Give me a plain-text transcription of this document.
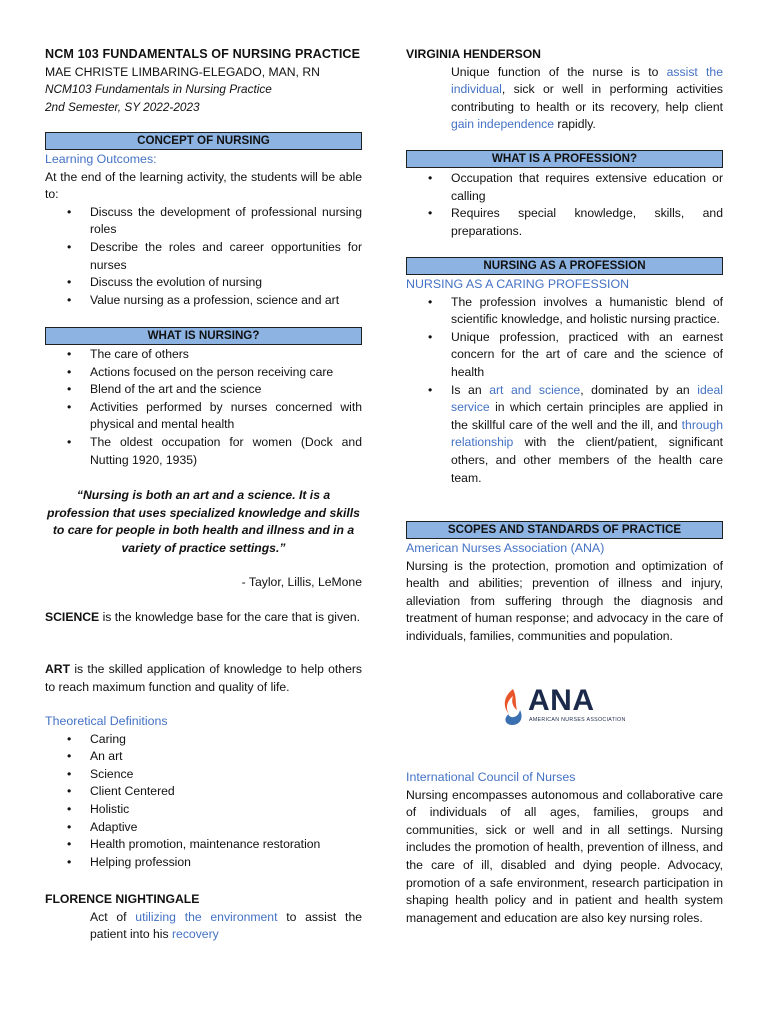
NCM 103 FUNDAMENTALS OF NURSING PRACTICE
MAE CHRISTE LIMBARING-ELEGADO, MAN, RN
NCM103 Fundamentals in Nursing Practice
2nd Semester, SY 2022-2023
CONCEPT OF NURSING
Learning Outcomes:
At the end of the learning activity, the students will be able to:
• Discuss the development of professional nursing roles
• Describe the roles and career opportunities for nurses
• Discuss the evolution of nursing
• Value nursing as a profession, science and art
WHAT IS NURSING?
• The care of others
• Actions focused on the person receiving care
• Blend of the art and the science
• Activities performed by nurses concerned with physical and mental health
• The oldest occupation for women (Dock and Nutting 1920, 1935)
“Nursing is both an art and a science. It is a profession that uses specialized knowledge and skills to care for people in both health and illness and in a variety of practice settings.”
- Taylor, Lillis, LeMone
SCIENCE is the knowledge base for the care that is given.
ART is the skilled application of knowledge to help others to reach maximum function and quality of life.
Theoretical Definitions
• Caring
• An art
• Science
• Client Centered
• Holistic
• Adaptive
• Health promotion, maintenance restoration
• Helping profession
FLORENCE NIGHTINGALE
Act of utilizing the environment to assist the patient into his recovery
VIRGINIA HENDERSON
Unique function of the nurse is to assist the individual, sick or well in performing activities contributing to health or its recovery, help client gain independence rapidly.
WHAT IS A PROFESSION?
• Occupation that requires extensive education or calling
• Requires special knowledge, skills, and preparations.
NURSING AS A PROFESSION
NURSING AS A CARING PROFESSION
• The profession involves a humanistic blend of scientific knowledge, and holistic nursing practice.
• Unique profession, practiced with an earnest concern for the art of care and the science of health
• Is an art and science, dominated by an ideal service in which certain principles are applied in the skillful care of the well and the ill, and through relationship with the client/patient, significant others, and other members of the health care team.
SCOPES AND STANDARDS OF PRACTICE
American Nurses Association (ANA)
Nursing is the protection, promotion and optimization of health and abilities; prevention of illness and injury, alleviation from suffering through the diagnosis and treatment of human response; and advocacy in the care of individuals, families, communities and population.
International Council of Nurses
Nursing encompasses autonomous and collaborative care of individuals of all ages, families, groups and communities, sick or well and in all settings. Nursing includes the promotion of health, prevention of illness, and the care of ill, disabled and dying people. Advocacy, promotion of a safe environment, research participation in shaping health policy and in patient and health system management and education are also key nursing roles.
ANA
AMERICAN NURSES ASSOCIATION
